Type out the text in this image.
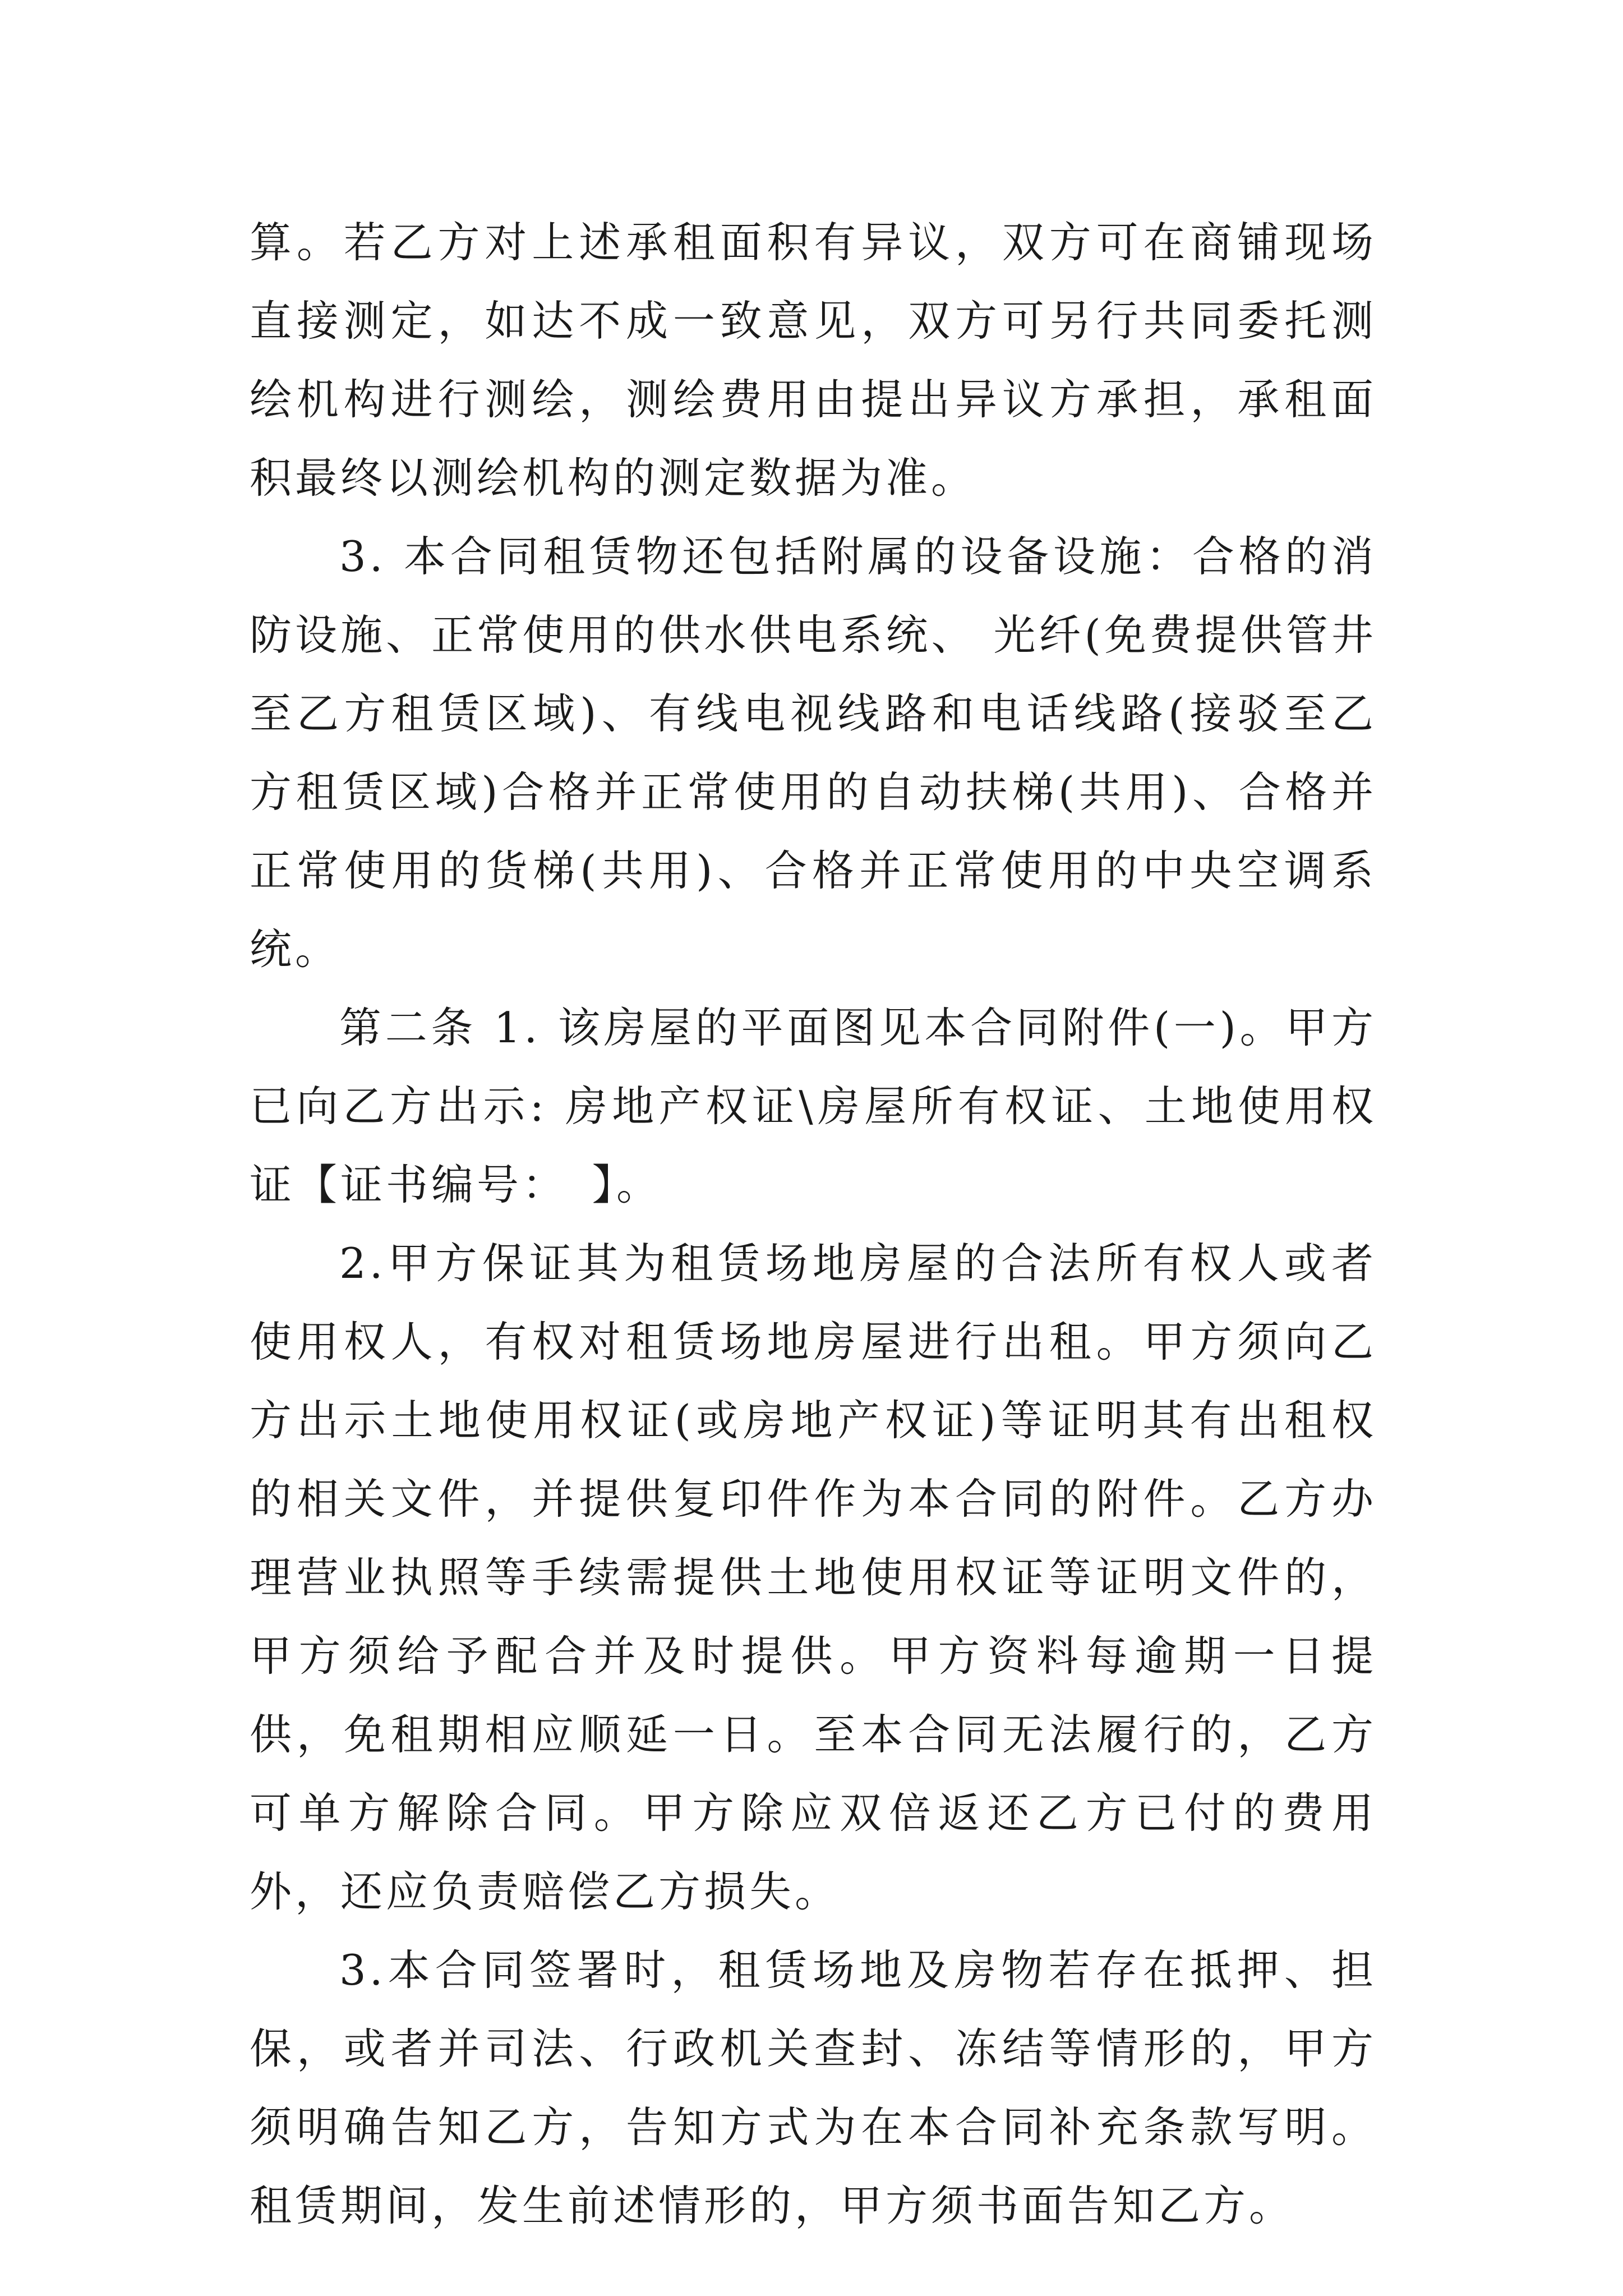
算。若乙方对上述承租面积有异议，双方可在商铺现场直接测定，如达不成一致意见，双方可另行共同委托测绘机构进行测绘，测绘费用由提出异议方承担，承租面积最终以测绘机构的测定数据为准。

3. 本合同租赁物还包括附属的设备设施：合格的消防设施、正常使用的供水供电系统、 光纤(免费提供管井至乙方租赁区域)、有线电视线路和电话线路(接驳至乙方租赁区域)合格并正常使用的自动扶梯(共用)、合格并正常使用的货梯(共用)、合格并正常使用的中央空调系统。

第二条 1. 该房屋的平面图见本合同附件(一)。甲方已向乙方出示: 房地产权证\房屋所有权证、土地使用权证【证书编号：　】。

2.甲方保证其为租赁场地房屋的合法所有权人或者使用权人，有权对租赁场地房屋进行出租。甲方须向乙方出示土地使用权证(或房地产权证)等证明其有出租权的相关文件，并提供复印件作为本合同的附件。乙方办理营业执照等手续需提供土地使用权证等证明文件的，甲方须给予配合并及时提供。甲方资料每逾期一日提供，免租期相应顺延一日。至本合同无法履行的，乙方可单方解除合同。甲方除应双倍返还乙方已付的费用外，还应负责赔偿乙方损失。

3.本合同签署时，租赁场地及房物若存在抵押、担保，或者并司法、行政机关查封、冻结等情形的，甲方须明确告知乙方，告知方式为在本合同补充条款写明。租赁期间，发生前述情形的，甲方须书面告知乙方。
